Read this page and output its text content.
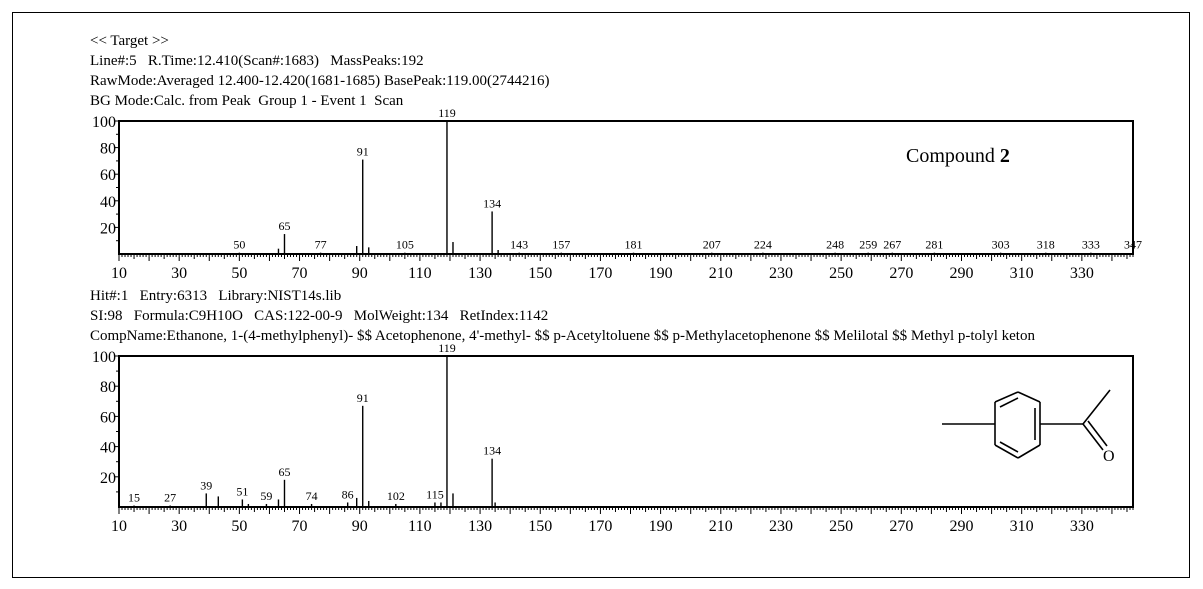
<< Target >>
Line#:5   R.Time:12.410(Scan#:1683)   MassPeaks:192
RawMode:Averaged 12.400-12.420(1681-1685) BasePeak:119.00(2744216)
BG Mode:Calc. from Peak  Group 1 - Event 1  Scan
Hit#:1   Entry:6313   Library:NIST14s.lib
SI:98   Formula:C9H10O   CAS:122-00-9   MolWeight:134   RetIndex:1142
CompName:Ethanone, 1-(4-methylphenyl)- $$ Acetophenone, 4'-methyl- $$ p-Acetyltoluene $$ p-Methylacetophenone $$ Melilotal $$ Methyl p-tolyl keton
10	30	50	70	90	110 130 150 170 190 210 230 250 270 290 310 330
20
40
60
80
100
50
65
77
91
105
119
134
143 157	181	207	224	248 259 267 281	303 318 333 347
10	30	50	70	90	110 130 150 170 190 210 230 250 270 290 310 330
20
40
60
80
100
15 27
39 51 59
65
74 86
91
102 115
119
134
Compound 2
O
